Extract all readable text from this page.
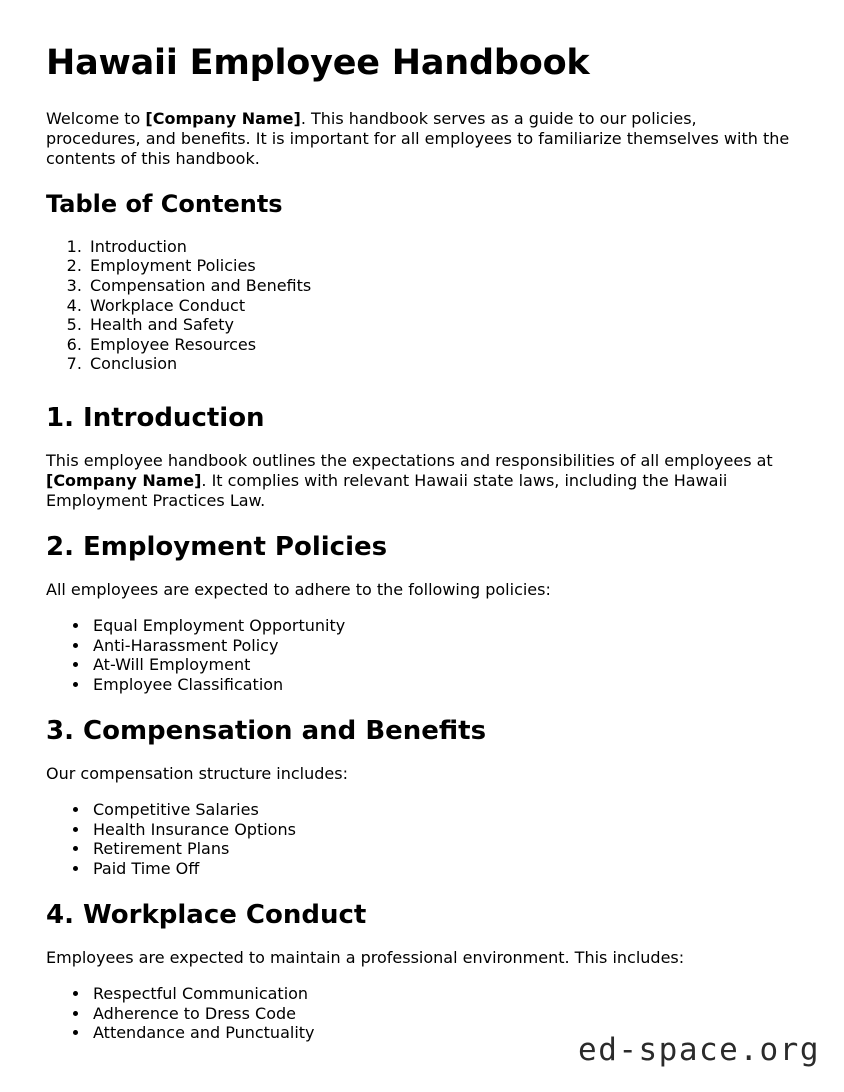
Hawaii Employee Handbook

Welcome to [Company Name]. This handbook serves as a guide to our policies, procedures, and benefits. It is important for all employees to familiarize themselves with the contents of this handbook.

Table of Contents
1. Introduction
2. Employment Policies
3. Compensation and Benefits
4. Workplace Conduct
5. Health and Safety
6. Employee Resources
7. Conclusion
1. Introduction

This employee handbook outlines the expectations and responsibilities of all employees at [Company Name]. It complies with relevant Hawaii state laws, including the Hawaii Employment Practices Law.

2. Employment Policies

All employees are expected to adhere to the following policies:

• Equal Employment Opportunity
• Anti-Harassment Policy
• At-Will Employment
• Employee Classification
3. Compensation and Benefits

Our compensation structure includes:

• Competitive Salaries
• Health Insurance Options
• Retirement Plans
• Paid Time Off
4. Workplace Conduct

Employees are expected to maintain a professional environment. This includes:

• Respectful Communication
• Adherence to Dress Code
• Attendance and Punctuality	ed-space.org
